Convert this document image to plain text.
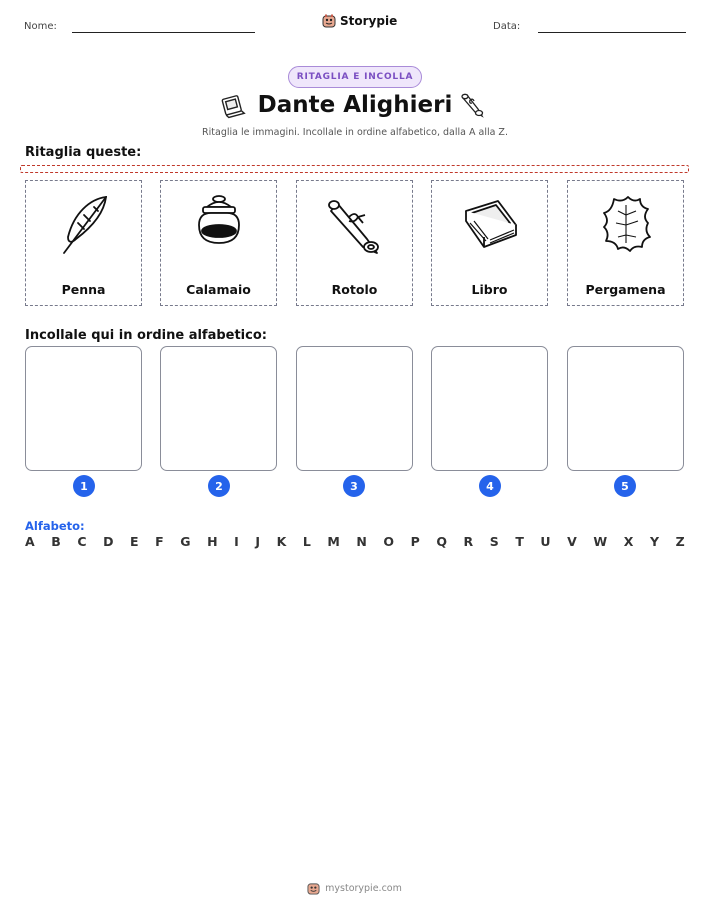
Nome:	Storypie	Data:
RITAGLIA E INCOLLA
Dante Alighieri
Ritaglia le immagini. Incollale in ordine alfabetico, dalla A alla Z.
Ritaglia queste:
Penna	Calamaio	Rotolo	Libro	Pergamena
Incollale qui in ordine alfabetico:
1	2	3	4	5
Alfabeto:
A B C D E F G H I J K L M N O P Q R S T U V W X Y Z
mystorypie.com
